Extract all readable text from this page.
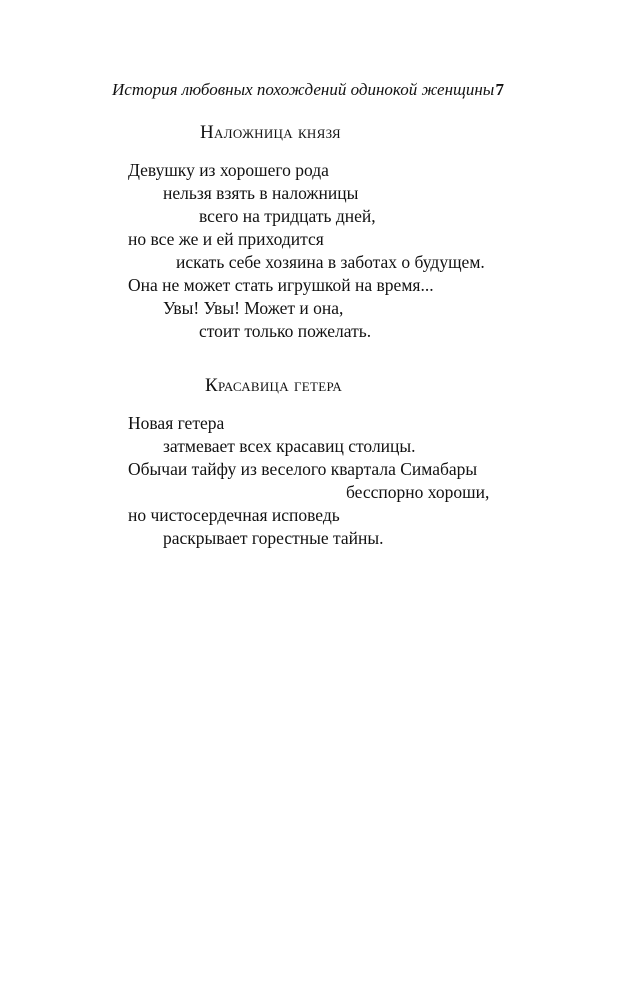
История любовных похождений одинокой женщины 7
Наложница князя
Девушку из хорошего рода
нельзя взять в наложницы
всего на тридцать дней,
но все же и ей приходится
искать себе хозяина в заботах о будущем.
Она не может стать игрушкой на время...
Увы! Увы! Может и она,
стоит только пожелать.
Красавица гетера
Новая гетера
затмевает всех красавиц столицы.
Обычаи тайфу из веселого квартала Симабары
бесспорно хороши,
но чистосердечная исповедь
раскрывает горестные тайны.
